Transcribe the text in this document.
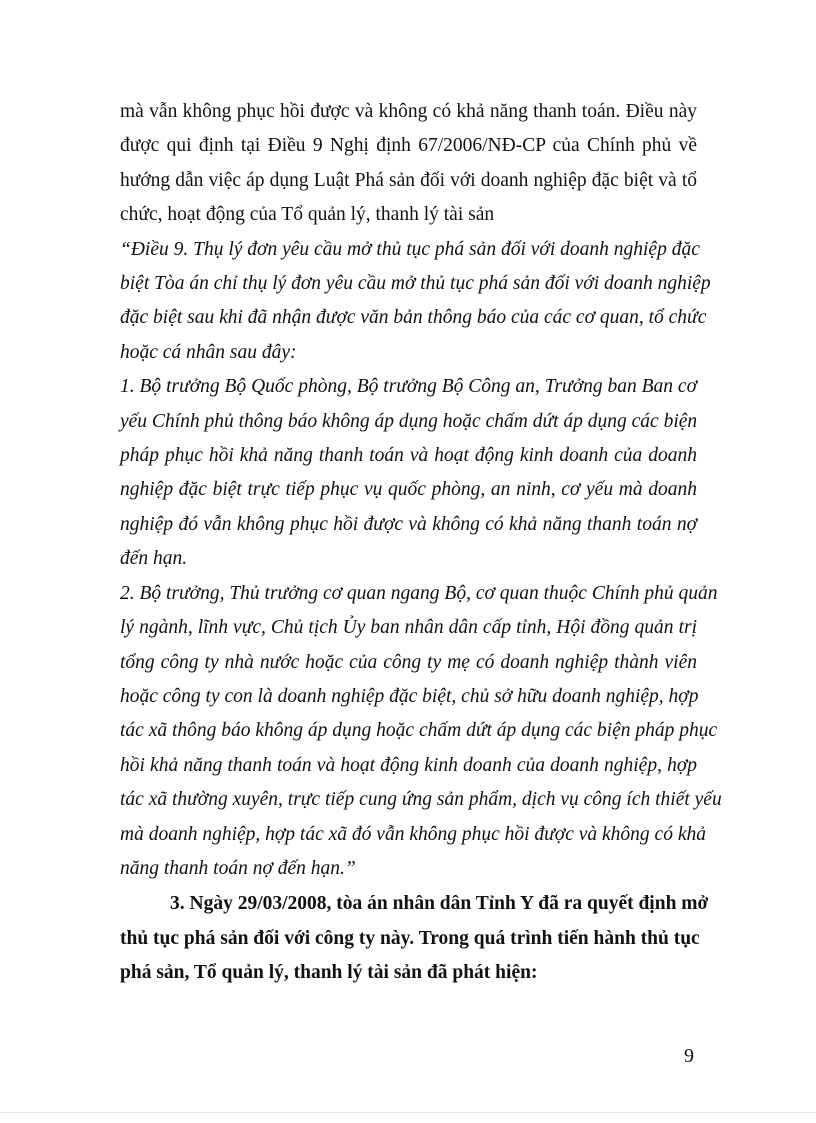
mà vẫn không phục hồi được và không có khả năng thanh toán. Điều này
được qui định tại Điều 9 Nghị định 67/2006/NĐ-CP của Chính phủ về
hướng dẫn việc áp dụng Luật Phá sản đối với doanh nghiệp đặc biệt và tổ
chức, hoạt động của Tổ quản lý, thanh lý tài sản
“Điều 9. Thụ lý đơn yêu cầu mở thủ tục phá sản đối với doanh nghiệp đặc
biệt Tòa án chỉ thụ lý đơn yêu cầu mở thủ tục phá sản đối với doanh nghiệp
đặc biệt sau khi đã nhận được văn bản thông báo của các cơ quan, tổ chức
hoặc cá nhân sau đây:
1. Bộ trưởng Bộ Quốc phòng, Bộ trưởng Bộ Công an, Trưởng ban Ban cơ
yếu Chính phủ thông báo không áp dụng hoặc chấm dứt áp dụng các biện
pháp phục hồi khả năng thanh toán và hoạt động kinh doanh của doanh
nghiệp đặc biệt trực tiếp phục vụ quốc phòng, an ninh, cơ yếu mà doanh
nghiệp đó vẫn không phục hồi được và không có khả năng thanh toán nợ
đến hạn.
2. Bộ trưởng, Thủ trưởng cơ quan ngang Bộ, cơ quan thuộc Chính phủ quản
lý ngành, lĩnh vực, Chủ tịch Ủy ban nhân dân cấp tỉnh, Hội đồng quản trị
tổng công ty nhà nước hoặc của công ty mẹ có doanh nghiệp thành viên
hoặc công ty con là doanh nghiệp đặc biệt, chủ sở hữu doanh nghiệp, hợp
tác xã thông báo không áp dụng hoặc chấm dứt áp dụng các biện pháp phục
hồi khả năng thanh toán và hoạt động kinh doanh của doanh nghiệp, hợp
tác xã thường xuyên, trực tiếp cung ứng sản phẩm, dịch vụ công ích thiết yếu
mà doanh nghiệp, hợp tác xã đó vẫn không phục hồi được và không có khả
năng thanh toán nợ đến hạn.”
3. Ngày 29/03/2008, tòa án nhân dân Tỉnh Y đã ra quyết định mở
thủ tục phá sản đối với công ty này. Trong quá trình tiến hành thủ tục
phá sản, Tổ quản lý, thanh lý tài sản đã phát hiện:
9
